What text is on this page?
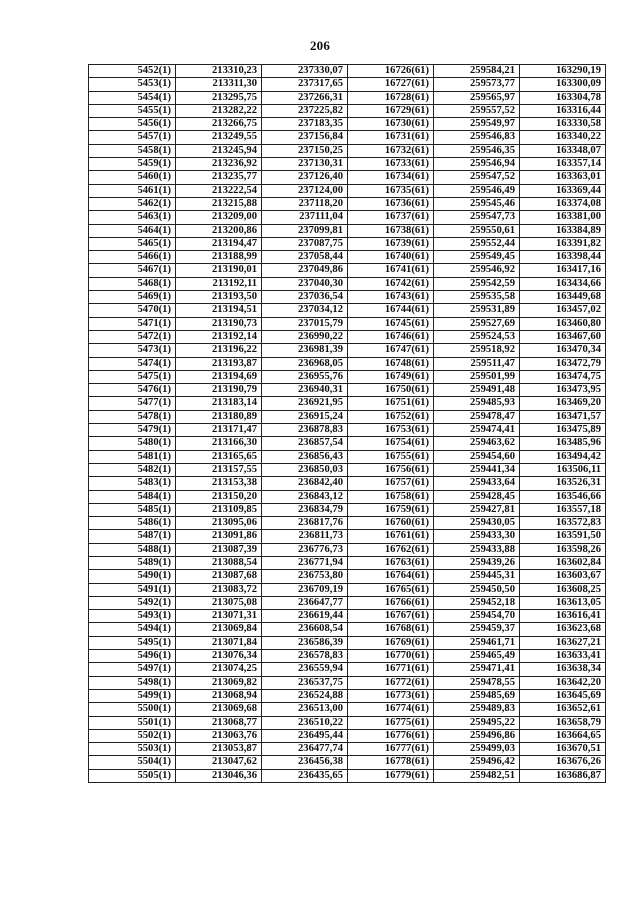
206
5452(1)	213310,23	237330,07	16726(61)	259584,21	163290,19
5453(1)	213311,30	237317,65	16727(61)	259573,77	163300,09
5454(1)	213295,75	237266,31	16728(61)	259565,97	163304,78
5455(1)	213282,22	237225,82	16729(61)	259557,52	163316,44
5456(1)	213266,75	237183,35	16730(61)	259549,97	163330,58
5457(1)	213249,55	237156,84	16731(61)	259546,83	163340,22
5458(1)	213245,94	237150,25	16732(61)	259546,35	163348,07
5459(1)	213236,92	237130,31	16733(61)	259546,94	163357,14
5460(1)	213235,77	237126,40	16734(61)	259547,52	163363,01
5461(1)	213222,54	237124,00	16735(61)	259546,49	163369,44
5462(1)	213215,88	237118,20	16736(61)	259545,46	163374,08
5463(1)	213209,00	237111,04	16737(61)	259547,73	163381,00
5464(1)	213200,86	237099,81	16738(61)	259550,61	163384,89
5465(1)	213194,47	237087,75	16739(61)	259552,44	163391,82
5466(1)	213188,99	237058,44	16740(61)	259549,45	163398,44
5467(1)	213190,01	237049,86	16741(61)	259546,92	163417,16
5468(1)	213192,11	237040,30	16742(61)	259542,59	163434,66
5469(1)	213193,50	237036,54	16743(61)	259535,58	163449,68
5470(1)	213194,51	237034,12	16744(61)	259531,89	163457,02
5471(1)	213190,73	237015,79	16745(61)	259527,69	163460,80
5472(1)	213192,14	236990,22	16746(61)	259524,53	163467,60
5473(1)	213196,22	236981,39	16747(61)	259518,92	163470,34
5474(1)	213193,87	236968,05	16748(61)	259511,47	163472,79
5475(1)	213194,69	236955,76	16749(61)	259501,99	163474,75
5476(1)	213190,79	236940,31	16750(61)	259491,48	163473,95
5477(1)	213183,14	236921,95	16751(61)	259485,93	163469,20
5478(1)	213180,89	236915,24	16752(61)	259478,47	163471,57
5479(1)	213171,47	236878,83	16753(61)	259474,41	163475,89
5480(1)	213166,30	236857,54	16754(61)	259463,62	163485,96
5481(1)	213165,65	236856,43	16755(61)	259454,60	163494,42
5482(1)	213157,55	236850,03	16756(61)	259441,34	163506,11
5483(1)	213153,38	236842,40	16757(61)	259433,64	163526,31
5484(1)	213150,20	236843,12	16758(61)	259428,45	163546,66
5485(1)	213109,85	236834,79	16759(61)	259427,81	163557,18
5486(1)	213095,06	236817,76	16760(61)	259430,05	163572,83
5487(1)	213091,86	236811,73	16761(61)	259433,30	163591,50
5488(1)	213087,39	236776,73	16762(61)	259433,88	163598,26
5489(1)	213088,54	236771,94	16763(61)	259439,26	163602,84
5490(1)	213087,68	236753,80	16764(61)	259445,31	163603,67
5491(1)	213083,72	236709,19	16765(61)	259450,50	163608,25
5492(1)	213075,08	236647,77	16766(61)	259452,18	163613,05
5493(1)	213071,31	236619,44	16767(61)	259454,70	163616,41
5494(1)	213069,84	236608,54	16768(61)	259459,37	163623,68
5495(1)	213071,84	236586,39	16769(61)	259461,71	163627,21
5496(1)	213076,34	236578,83	16770(61)	259465,49	163633,41
5497(1)	213074,25	236559,94	16771(61)	259471,41	163638,34
5498(1)	213069,82	236537,75	16772(61)	259478,55	163642,20
5499(1)	213068,94	236524,88	16773(61)	259485,69	163645,69
5500(1)	213069,68	236513,00	16774(61)	259489,83	163652,61
5501(1)	213068,77	236510,22	16775(61)	259495,22	163658,79
5502(1)	213063,76	236495,44	16776(61)	259496,86	163664,65
5503(1)	213053,87	236477,74	16777(61)	259499,03	163670,51
5504(1)	213047,62	236456,38	16778(61)	259496,42	163676,26
5505(1)	213046,36	236435,65	16779(61)	259482,51	163686,87
